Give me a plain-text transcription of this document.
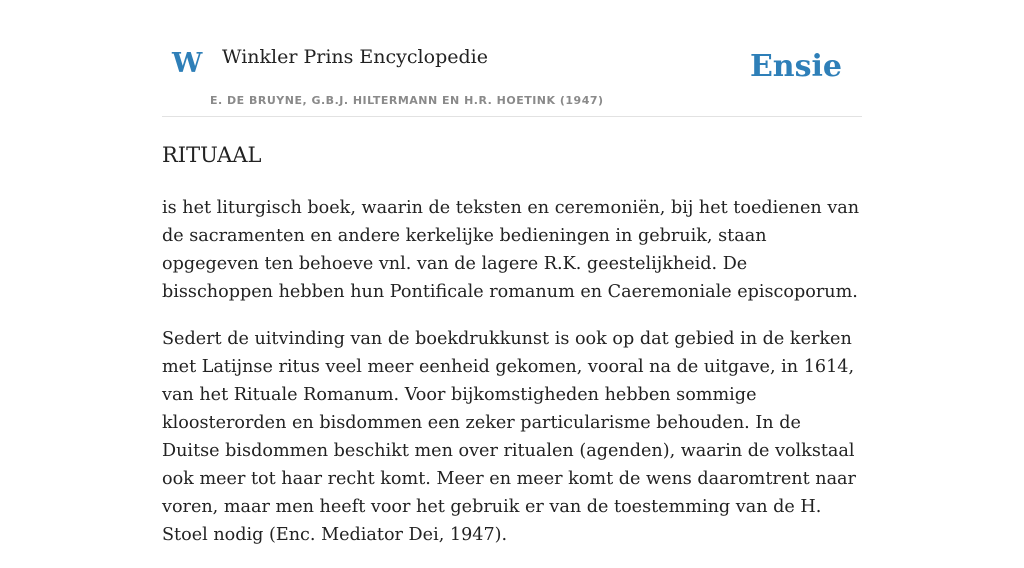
W Winkler Prins Encyclopedie
E. DE BRUYNE, G.B.J. HILTERMANN EN H.R. HOETINK (1947)
Ensie
RITUAAL

is het liturgisch boek, waarin de teksten en ceremoniën, bij het toedienen van de sacramenten en andere kerkelijke bedieningen in gebruik, staan opgegeven ten behoeve vnl. van de lagere R.K. geestelijkheid. De bisschoppen hebben hun Pontificale romanum en Caeremoniale episcoporum.

Sedert de uitvinding van de boekdrukkunst is ook op dat gebied in de kerken met Latijnse ritus veel meer eenheid gekomen, vooral na de uitgave, in 1614, van het Rituale Romanum. Voor bijkomstigheden hebben sommige kloosterorden en bisdommen een zeker particularisme behouden. In de Duitse bisdommen beschikt men over ritualen (agenden), waarin de volkstaal ook meer tot haar recht komt. Meer en meer komt de wens daaromtrent naar voren, maar men heeft voor het gebruik er van de toestemming van de H. Stoel nodig (Enc. Mediator Dei, 1947).
